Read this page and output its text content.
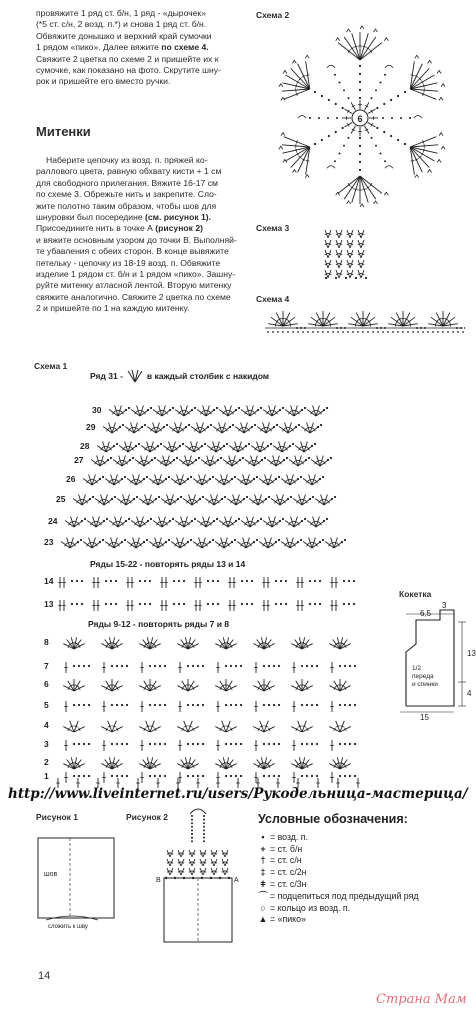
провяжите 1 ряд ст. б/н, 1 ряд - «дырочек»
(*5 ст. с/н, 2 возд. п.*) и снова 1 ряд ст. б/н.
Обвяжите донышко и верхний край сумочки
1 рядом «пико». Далее вяжите по схеме 4.
Свяжите 2 цветка по схеме 2 и пришейте их к
сумочке, как показано на фото. Скрутите шну-
рок и пришейте его вместо ручки.
Митенки
Наберите цепочку из возд. п. пряжей ко-
раллового цвета, равную обхвату кисти + 1 см
для свободного прилегания. Вяжите 16-17 см
по схеме 3. Обрежьте нить и закрепите. Сло-
жите полотно таким образом, чтобы шов для
шнуровки был посередине (см. рисунок 1).
Присоедините нить в точке А (рисунок 2)
и вяжите основным узором до точки В. Выполняй-
те убавления с обеих сторон. В конце вывяжите
петельку - цепочку из 18-19 возд. п. Обвяжите
изделие 1 рядом ст. б/н и 1 рядом «пико». Зашну-
руйте митенку атласной лентой. Вторую митенку
свяжите аналогично. Свяжите 2 цветка по схеме
2 и пришейте по 1 на каждую митенку.
Схема 2
6
Схема 3
Схема 4
Схема 1
Ряд 31 -	в каждый столбик с накидом
30
29
28
27
26
25
24
23
14
13
8
7
6
5
4
3
2
1
Ряды 15-22 - повторять ряды 13 и 14
Ряды 9-12 - повторять ряды 7 и 8
Кокетка
6,5
3
13
4
1/2
переда
и спинки
15
http://www.liveinternet.ru/users/Рукодельница-мастерица/
Рисунок 1
шов
сложить к шву
Рисунок 2
В	А
Условные обозначения:
• = возд. п.
+ = ст. б/н
† = ст. с/н
‡ = ст. с/2н
ǂ = ст. с/3н
⌒ = подцепиться под предыдущий ряд
○ = кольцо из возд. п.
▲ = «пико»
14
Страна Мам
